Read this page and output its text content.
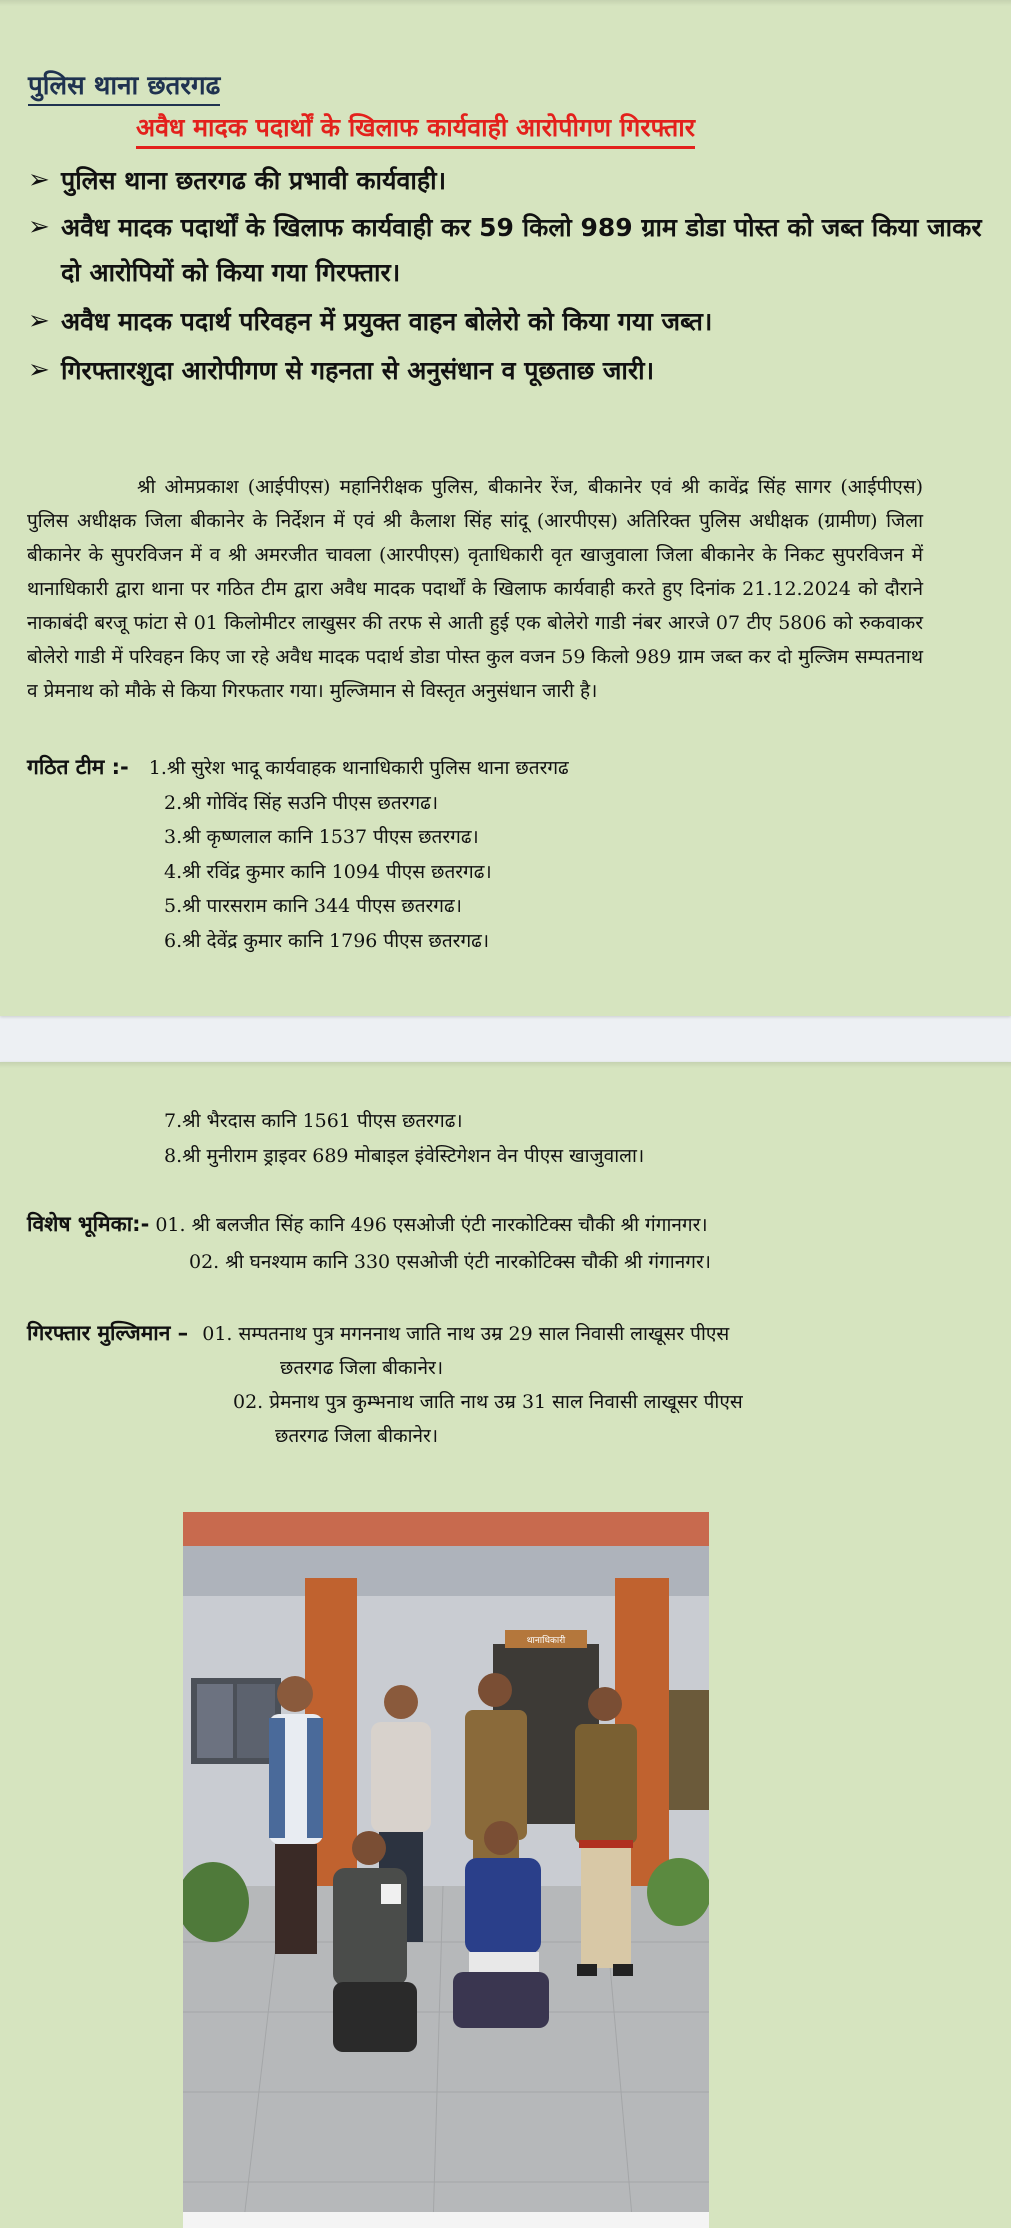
पुलिस थाना छतरगढ
अवैध मादक पदार्थों के खिलाफ कार्यवाही आरोपीगण गिरफ्तार
➢ पुलिस थाना छतरगढ की प्रभावी कार्यवाही।
➢ अवैध मादक पदार्थों के खिलाफ कार्यवाही कर 59 किलो 989 ग्राम डोडा पोस्त को जब्त किया जाकर दो आरोपियों को किया गया गिरफ्तार।
➢ अवैध मादक पदार्थ परिवहन में प्रयुक्त वाहन बोलेरो को किया गया जब्त।
➢ गिरफ्तारशुदा आरोपीगण से गहनता से अनुसंधान व पूछताछ जारी।

श्री ओमप्रकाश (आईपीएस) महानिरीक्षक पुलिस, बीकानेर रेंज, बीकानेर एवं श्री कावेंद्र सिंह सागर (आईपीएस) पुलिस अधीक्षक जिला बीकानेर के निर्देशन में एवं श्री कैलाश सिंह सांदू (आरपीएस) अतिरिक्त पुलिस अधीक्षक (ग्रामीण) जिला बीकानेर के सुपरविजन में व श्री अमरजीत चावला (आरपीएस) वृताधिकारी वृत खाजुवाला जिला बीकानेर के निकट सुपरविजन में थानाधिकारी द्वारा थाना पर गठित टीम द्वारा अवैध मादक पदार्थों के खिलाफ कार्यवाही करते हुए दिनांक 21.12.2024 को दौराने नाकाबंदी बरजू फांटा से 01 किलोमीटर लाखुसर की तरफ से आती हुई एक बोलेरो गाडी नंबर आरजे 07 टीए 5806 को रुकवाकर बोलेरो गाडी में परिवहन किए जा रहे अवैध मादक पदार्थ डोडा पोस्त कुल वजन 59 किलो 989 ग्राम जब्त कर दो मुल्जिम सम्पतनाथ व प्रेमनाथ को मौके से किया गिरफतार गया। मुल्जिमान से विस्तृत अनुसंधान जारी है।

गठित टीम :- 1.श्री सुरेश भादू कार्यवाहक थानाधिकारी पुलिस थाना छतरगढ
2.श्री गोविंद सिंह सउनि पीएस छतरगढ।
3.श्री कृष्णलाल कानि 1537 पीएस छतरगढ।
4.श्री रविंद्र कुमार कानि 1094 पीएस छतरगढ।
5.श्री पारसराम कानि 344 पीएस छतरगढ।
6.श्री देवेंद्र कुमार कानि 1796 पीएस छतरगढ।
7.श्री भैरदास कानि 1561 पीएस छतरगढ।
8.श्री मुनीराम ड्राइवर 689 मोबाइल इंवेस्टिगेशन वेन पीएस खाजुवाला।
विशेष भूमिका:- 01. श्री बलजीत सिंह कानि 496 एसओजी एंटी नारकोटिक्स चौकी श्री गंगानगर।
02. श्री घनश्याम कानि 330 एसओजी एंटी नारकोटिक्स चौकी श्री गंगानगर।
गिरफ्तार मुल्जिमान – 01. सम्पतनाथ पुत्र मगननाथ जाति नाथ उम्र 29 साल निवासी लाखूसर पीएस
छतरगढ जिला बीकानेर।
02. प्रेमनाथ पुत्र कुम्भनाथ जाति नाथ उम्र 31 साल निवासी लाखूसर पीएस
छतरगढ जिला बीकानेर।
थानाधिकारी
